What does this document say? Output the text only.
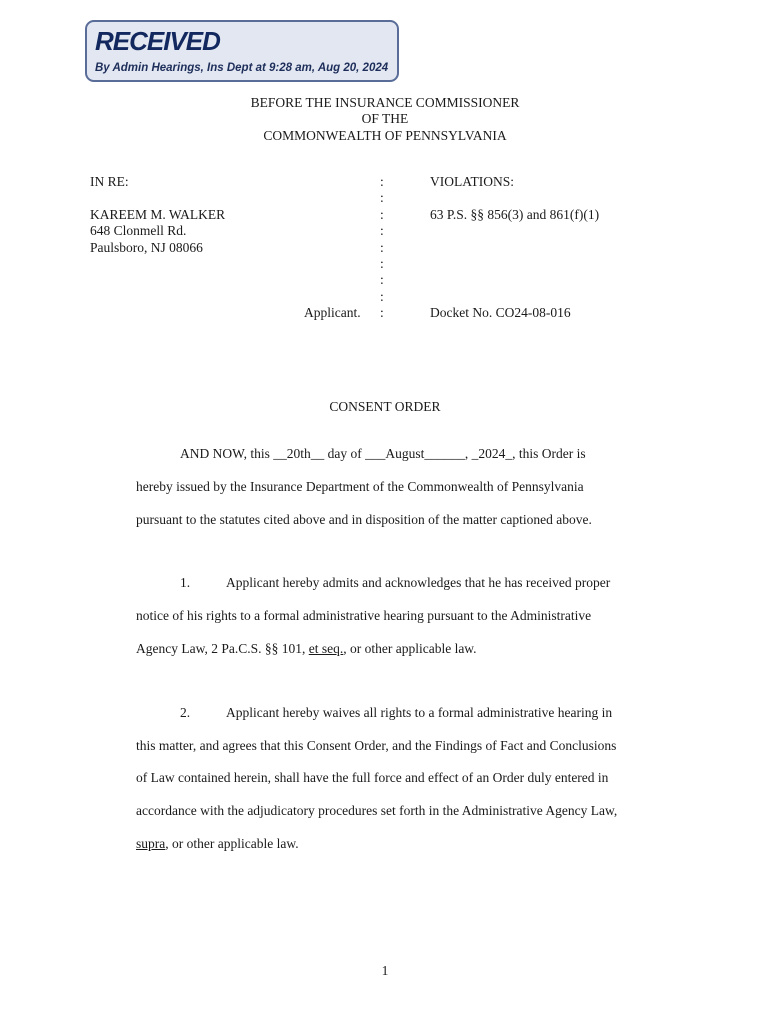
RECEIVED
By Admin Hearings, Ins Dept at 9:28 am, Aug 20, 2024
BEFORE THE INSURANCE COMMISSIONER
OF THE
COMMONWEALTH OF PENNSYLVANIA
IN RE:
KAREEM M. WALKER
648 Clonmell Rd.
Paulsboro, NJ 08066
Applicant.
:
:
:
:
:
:
:
:
:
VIOLATIONS:
63 P.S. §§ 856(3) and 861(f)(1)
Docket No. CO24-08-016
CONSENT ORDER
AND NOW, this __20th__ day of ___August______, _2024_, this Order is
hereby issued by the Insurance Department of the Commonwealth of Pennsylvania
pursuant to the statutes cited above and in disposition of the matter captioned above.
1.	Applicant hereby admits and acknowledges that he has received proper
notice of his rights to a formal administrative hearing pursuant to the Administrative
Agency Law, 2 Pa.C.S. §§ 101, et seq., or other applicable law.
2.	Applicant hereby waives all rights to a formal administrative hearing in
this matter, and agrees that this Consent Order, and the Findings of Fact and Conclusions
of Law contained herein, shall have the full force and effect of an Order duly entered in
accordance with the adjudicatory procedures set forth in the Administrative Agency Law,
supra, or other applicable law.
1
